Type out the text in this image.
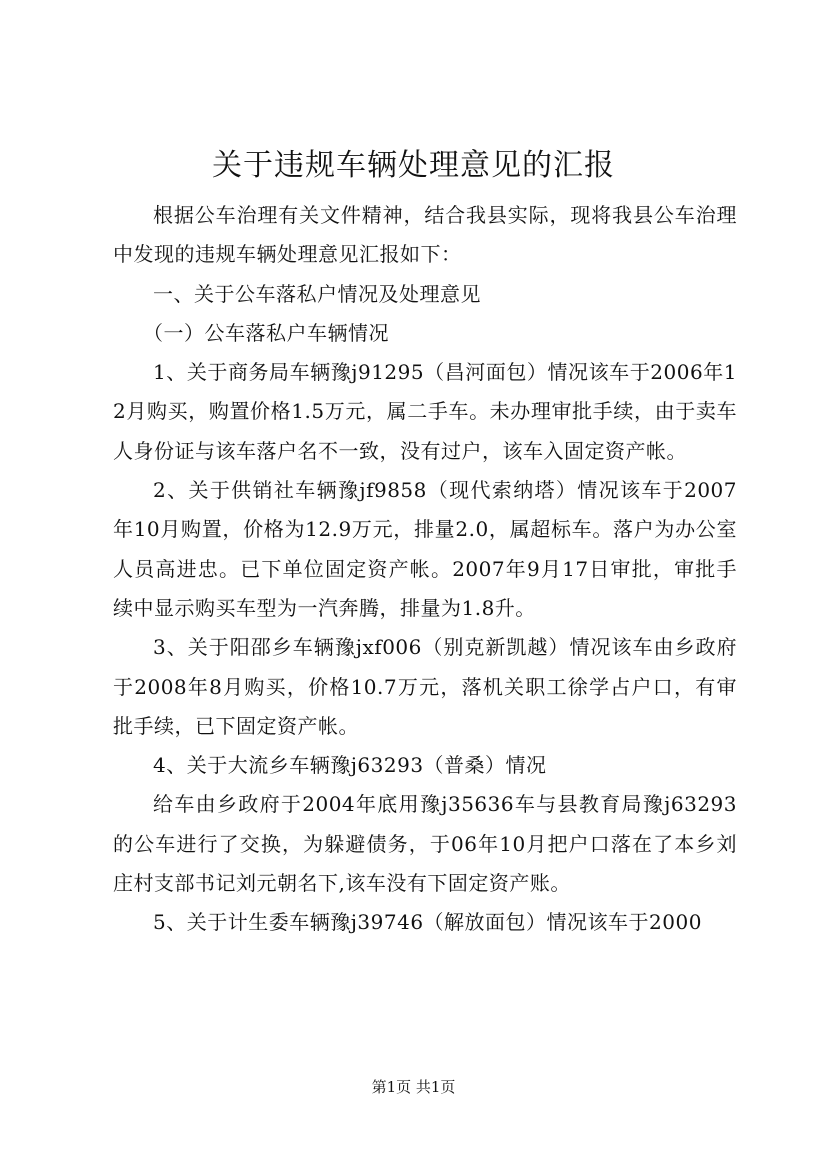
关于违规车辆处理意见的汇报

根据公车治理有关文件精神，结合我县实际，现将我县公车治理中发现的违规车辆处理意见汇报如下：

一、关于公车落私户情况及处理意见

（一）公车落私户车辆情况

1、关于商务局车辆豫j91295（昌河面包）情况该车于2006年12月购买，购置价格1.5万元，属二手车。未办理审批手续，由于卖车人身份证与该车落户名不一致，没有过户，该车入固定资产帐。

2、关于供销社车辆豫jf9858（现代索纳塔）情况该车于2007年10月购置，价格为12.9万元，排量2.0，属超标车。落户为办公室人员高进忠。已下单位固定资产帐。2007年9月17日审批，审批手续中显示购买车型为一汽奔腾，排量为1.8升。

3、关于阳邵乡车辆豫jxf006（别克新凯越）情况该车由乡政府于2008年8月购买，价格10.7万元，落机关职工徐学占户口，有审批手续，已下固定资产帐。

4、关于大流乡车辆豫j63293（普桑）情况

给车由乡政府于2004年底用豫j35636车与县教育局豫j63293的公车进行了交换，为躲避债务，于06年10月把户口落在了本乡刘庄村支部书记刘元朝名下,该车没有下固定资产账。

5、关于计生委车辆豫j39746（解放面包）情况该车于2000

第1页 共1页
